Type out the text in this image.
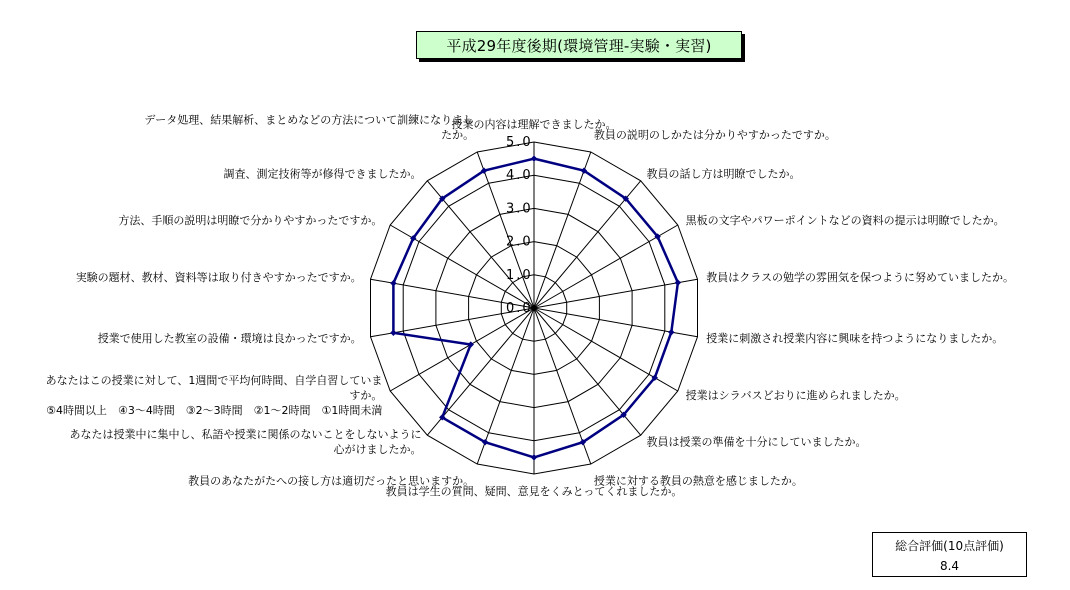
平成29年度後期(環境管理-実験・実習)
0.0
1.0
2.0
3.0
4.0
5.0
授業の内容は理解できましたか。
教員の説明のしかたは分かりやすかったですか。
教員の話し方は明瞭でしたか。
黒板の文字やパワーポイントなどの資料の提示は明瞭でしたか。
教員はクラスの勉学の雰囲気を保つように努めていましたか。
授業に刺激され授業内容に興味を持つようになりましたか。
授業はシラバスどおりに進められましたか。
教員は授業の準備を十分にしていましたか。
授業に対する教員の熱意を感じましたか。
教員は学生の質問、疑問、意見をくみとってくれましたか。
教員のあなたがたへの接し方は適切だったと思いますか。
あなたは授業中に集中し、私語や授業に関係のないことをしないように心がけましたか。
あなたはこの授業に対して、1週間で平均何時間、自学自習していますか。 ⑤4時間以上　④3～4時間　③2～3時間　②1～2時間　①1時間未満
授業で使用した教室の設備・環境は良かったですか。
実験の題材、教材、資料等は取り付きやすかったですか。
方法、手順の説明は明瞭で分かりやすかったですか。
調査、測定技術等が修得できましたか。
データ処理、結果解析、まとめなどの方法について訓練になりましたか。
総合評価(10点評価)
8.4
